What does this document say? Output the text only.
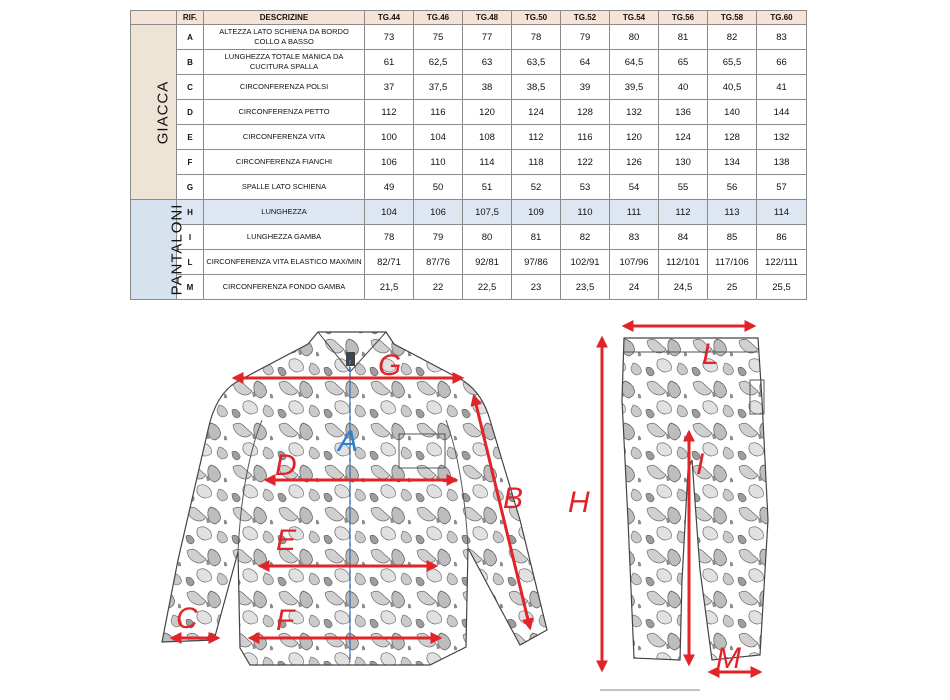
	RIF.	DESCRIZINE	TG.44	TG.46	TG.48	TG.50	TG.52	TG.54	TG.56	TG.58	TG.60
GIACCA	A	ALTEZZA LATO SCHIENA DA BORDO COLLO A BASSO	73	75	77	78	79	80	81	82	83
	B	LUNGHEZZA TOTALE MANICA DA CUCITURA SPALLA	61	62,5	63	63,5	64	64,5	65	65,5	66
	C	CIRCONFERENZA POLSI	37	37,5	38	38,5	39	39,5	40	40,5	41
	D	CIRCONFERENZA PETTO	112	116	120	124	128	132	136	140	144
	E	CIRCONFERENZA VITA	100	104	108	112	116	120	124	128	132
	F	CIRCONFERENZA FIANCHI	106	110	114	118	122	126	130	134	138
	G	SPALLE LATO SCHIENA	49	50	51	52	53	54	55	56	57
PANTALONI	H	LUNGHEZZA	104	106	107,5	109	110	111	112	113	114
	I	LUNGHEZZA GAMBA	78	79	80	81	82	83	84	85	86
	L	CIRCONFERENZA VITA ELASTICO MAX/MIN	82/71	87/76	92/81	97/86	102/91	107/96	112/101	117/106	122/111
	M	CIRCONFERENZA FONDO GAMBA	21,5	22	22,5	23	23,5	24	24,5	25	25,5
G
A
D
B
E
C	F
L
I
H
M
